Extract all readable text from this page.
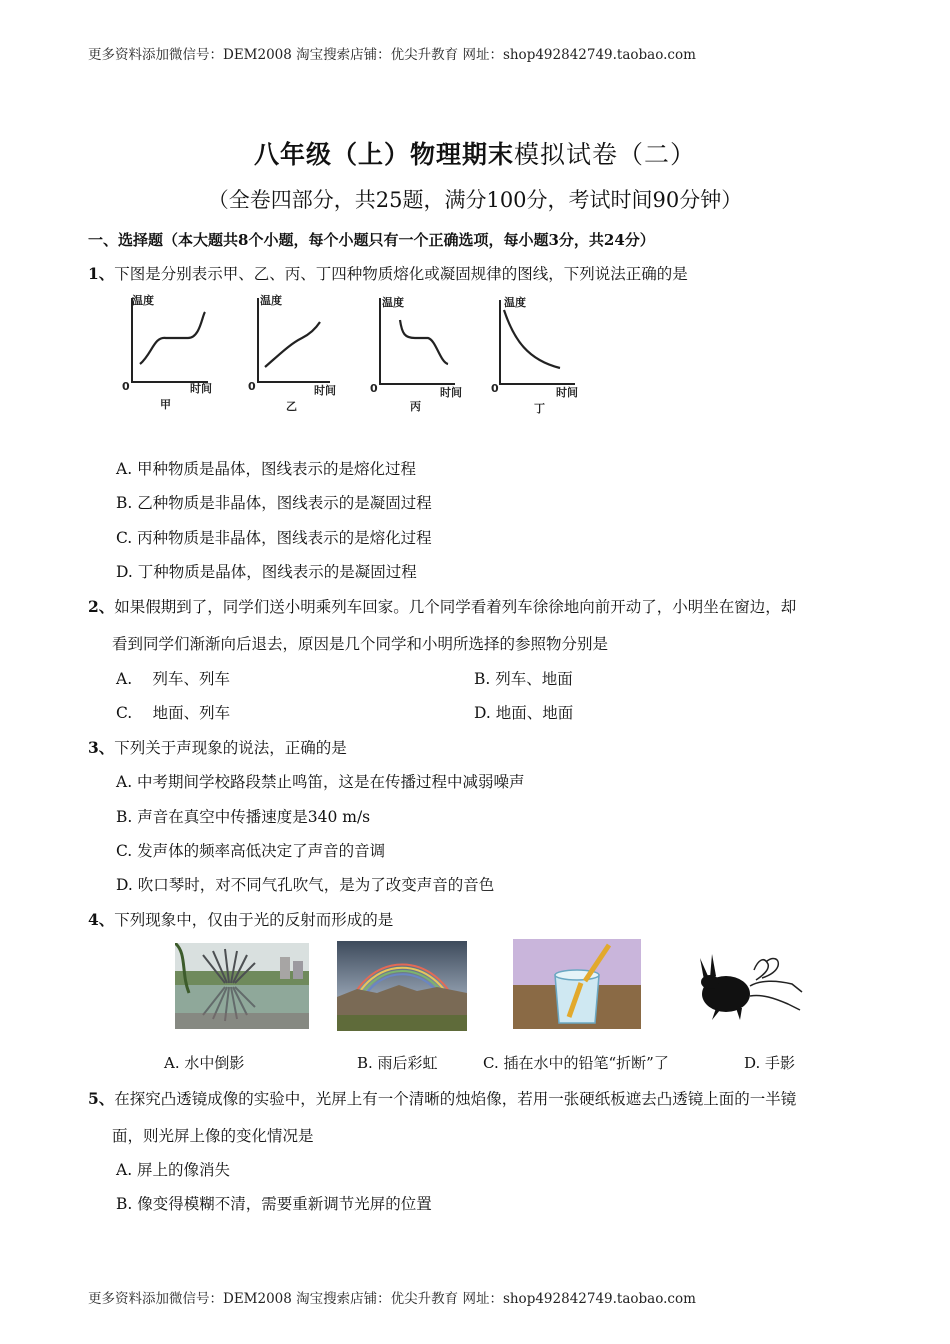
更多资料添加微信号：DEM2008 淘宝搜索店铺：优尖升教育 网址：shop492842749.taobao.com
八年级（上）物理期末模拟试卷（二）
（全卷四部分，共25题，满分100分，考试时间90分钟）
一、选择题（本大题共8个小题，每个小题只有一个正确选项，每小题3分，共24分）
1、下图是分别表示甲、乙、丙、丁四种物质熔化或凝固规律的图线，下列说法正确的是
温度	温度	温度	温度
0	0	0	0
时间	时间	时间	时间
甲	乙	丙	丁
A. 甲种物质是晶体，图线表示的是熔化过程
B. 乙种物质是非晶体，图线表示的是凝固过程
C. 丙种物质是非晶体，图线表示的是熔化过程
D. 丁种物质是晶体，图线表示的是凝固过程
2、如果假期到了，同学们送小明乘列车回家。几个同学看着列车徐徐地向前开动了，小明坐在窗边，却
看到同学们渐渐向后退去，原因是几个同学和小明所选择的参照物分别是
A.　 列车、列车	B. 列车、地面
C.　 地面、列车	D. 地面、地面
3、下列关于声现象的说法，正确的是
A. 中考期间学校路段禁止鸣笛，这是在传播过程中减弱噪声
B. 声音在真空中传播速度是340 m/s
C. 发声体的频率高低决定了声音的音调
D. 吹口琴时，对不同气孔吹气，是为了改变声音的音色
4、下列现象中，仅由于光的反射而形成的是
A. 水中倒影	B. 雨后彩虹	C. 插在水中的铅笔“折断”了	D. 手影
5、在探究凸透镜成像的实验中，光屏上有一个清晰的烛焰像，若用一张硬纸板遮去凸透镜上面的一半镜
面，则光屏上像的变化情况是
A. 屏上的像消失
B. 像变得模糊不清，需要重新调节光屏的位置
更多资料添加微信号：DEM2008 淘宝搜索店铺：优尖升教育 网址：shop492842749.taobao.com
